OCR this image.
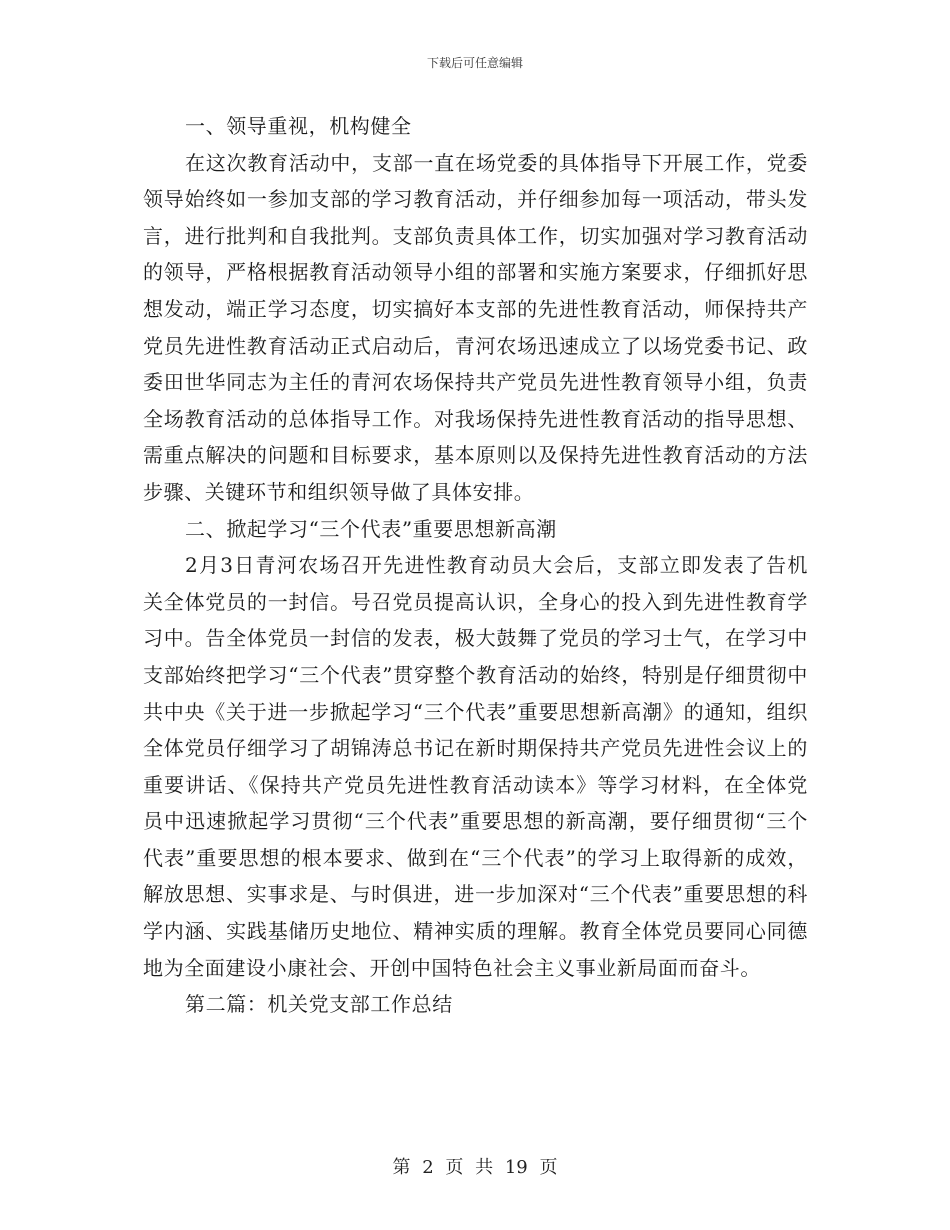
下载后可任意编辑

一、领导重视，机构健全

在这次教育活动中，支部一直在场党委的具体指导下开展工作，党委领导始终如一参加支部的学习教育活动，并仔细参加每一项活动，带头发言，进行批判和自我批判。支部负责具体工作，切实加强对学习教育活动的领导，严格根据教育活动领导小组的部署和实施方案要求，仔细抓好思想发动，端正学习态度，切实搞好本支部的先进性教育活动，师保持共产党员先进性教育活动正式启动后，青河农场迅速成立了以场党委书记、政委田世华同志为主任的青河农场保持共产党员先进性教育领导小组，负责全场教育活动的总体指导工作。对我场保持先进性教育活动的指导思想、需重点解决的问题和目标要求，基本原则以及保持先进性教育活动的方法步骤、关键环节和组织领导做了具体安排。

二、掀起学习“三个代表”重要思想新高潮

2月3日青河农场召开先进性教育动员大会后，支部立即发表了告机关全体党员的一封信。号召党员提高认识，全身心的投入到先进性教育学习中。告全体党员一封信的发表，极大鼓舞了党员的学习士气，在学习中支部始终把学习“三个代表”贯穿整个教育活动的始终，特别是仔细贯彻中共中央《关于进一步掀起学习“三个代表”重要思想新高潮》的通知，组织全体党员仔细学习了胡锦涛总书记在新时期保持共产党员先进性会议上的重要讲话、《保持共产党员先进性教育活动读本》等学习材料，在全体党员中迅速掀起学习贯彻“三个代表”重要思想的新高潮，要仔细贯彻“三个代表”重要思想的根本要求、做到在“三个代表”的学习上取得新的成效，解放思想、实事求是、与时俱进，进一步加深对“三个代表”重要思想的科学内涵、实践基储历史地位、精神实质的理解。教育全体党员要同心同德地为全面建设小康社会、开创中国特色社会主义事业新局面而奋斗。

第二篇：机关党支部工作总结

第 2 页 共 19 页
